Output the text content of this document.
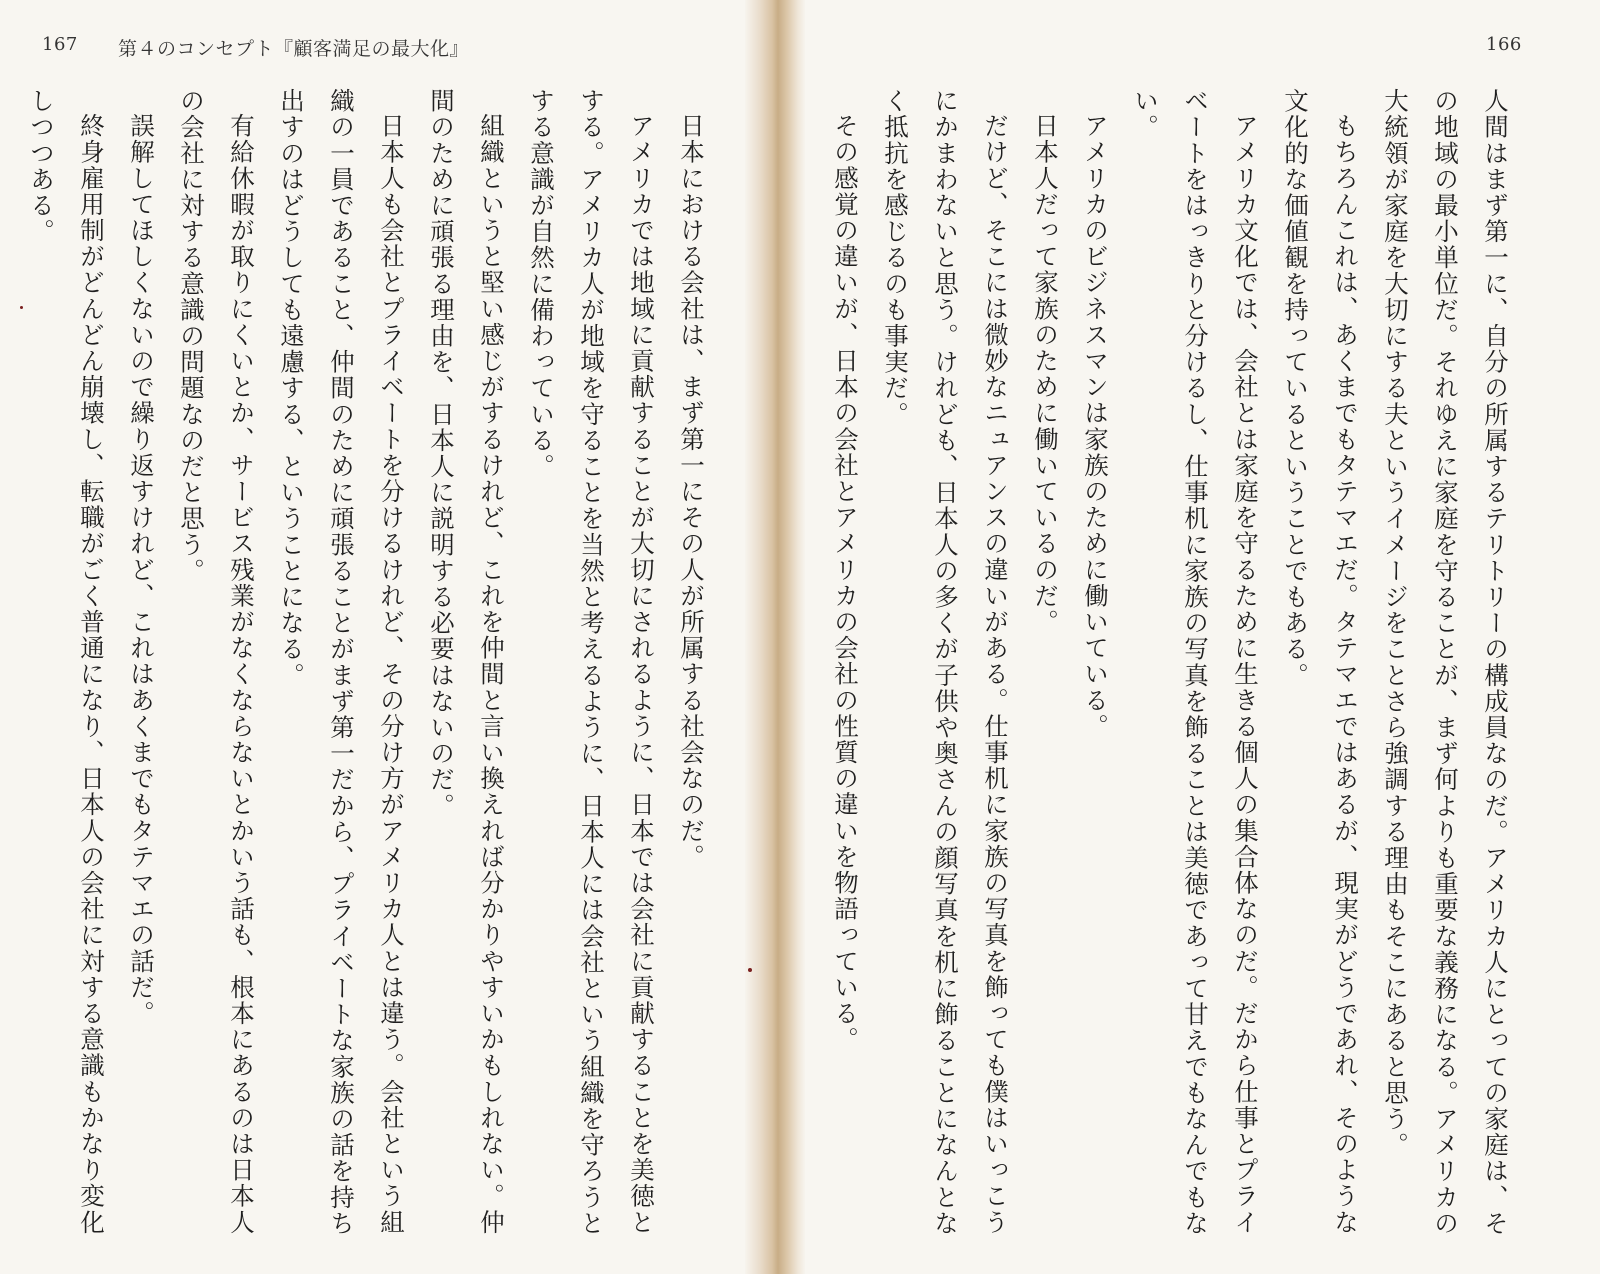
167 第４のコンセプト『顧客満足の最大化』	166

人間はまず第一に、自分の所属するテリトリーの構成員なのだ。アメリカ人にとっての家庭は、その地域の最小単位だ。それゆえに家庭を守ることが、まず何よりも重要な義務になる。アメリカの大統領が家庭を大切にする夫というイメージをことさら強調する理由もそこにあると思う。

もちろんこれは、あくまでもタテマエだ。タテマエではあるが、現実がどうであれ、そのような文化的な価値観を持っているということでもある。

アメリカ文化では、会社とは家庭を守るために生きる個人の集合体なのだ。だから仕事とプライベートをはっきりと分けるし、仕事机に家族の写真を飾ることは美徳であって甘えでもなんでもない。

アメリカのビジネスマンは家族のために働いている。

日本人だって家族のために働いているのだ。

だけど、そこには微妙なニュアンスの違いがある。仕事机に家族の写真を飾っても僕はいっこうにかまわないと思う。けれども、日本人の多くが子供や奥さんの顔写真を机に飾ることになんとなく抵抗を感じるのも事実だ。

その感覚の違いが、日本の会社とアメリカの会社の性質の違いを物語っている。

日本における会社は、まず第一にその人が所属する社会なのだ。

アメリカでは地域に貢献することが大切にされるように、日本では会社に貢献することを美徳とする。アメリカ人が地域を守ることを当然と考えるように、日本人には会社という組織を守ろうとする意識が自然に備わっている。

組織というと堅い感じがするけれど、これを仲間と言い換えれば分かりやすいかもしれない。仲間のために頑張る理由を、日本人に説明する必要はないのだ。

日本人も会社とプライベートを分けるけれど、その分け方がアメリカ人とは違う。会社という組織の一員であること、仲間のために頑張ることがまず第一だから、プライベートな家族の話を持ち出すのはどうしても遠慮する、ということになる。

有給休暇が取りにくいとか、サービス残業がなくならないとかいう話も、根本にあるのは日本人の会社に対する意識の問題なのだと思う。

誤解してほしくないので繰り返すけれど、これはあくまでもタテマエの話だ。

終身雇用制がどんどん崩壊し、転職がごく普通になり、日本人の会社に対する意識もかなり変化しつつある。
